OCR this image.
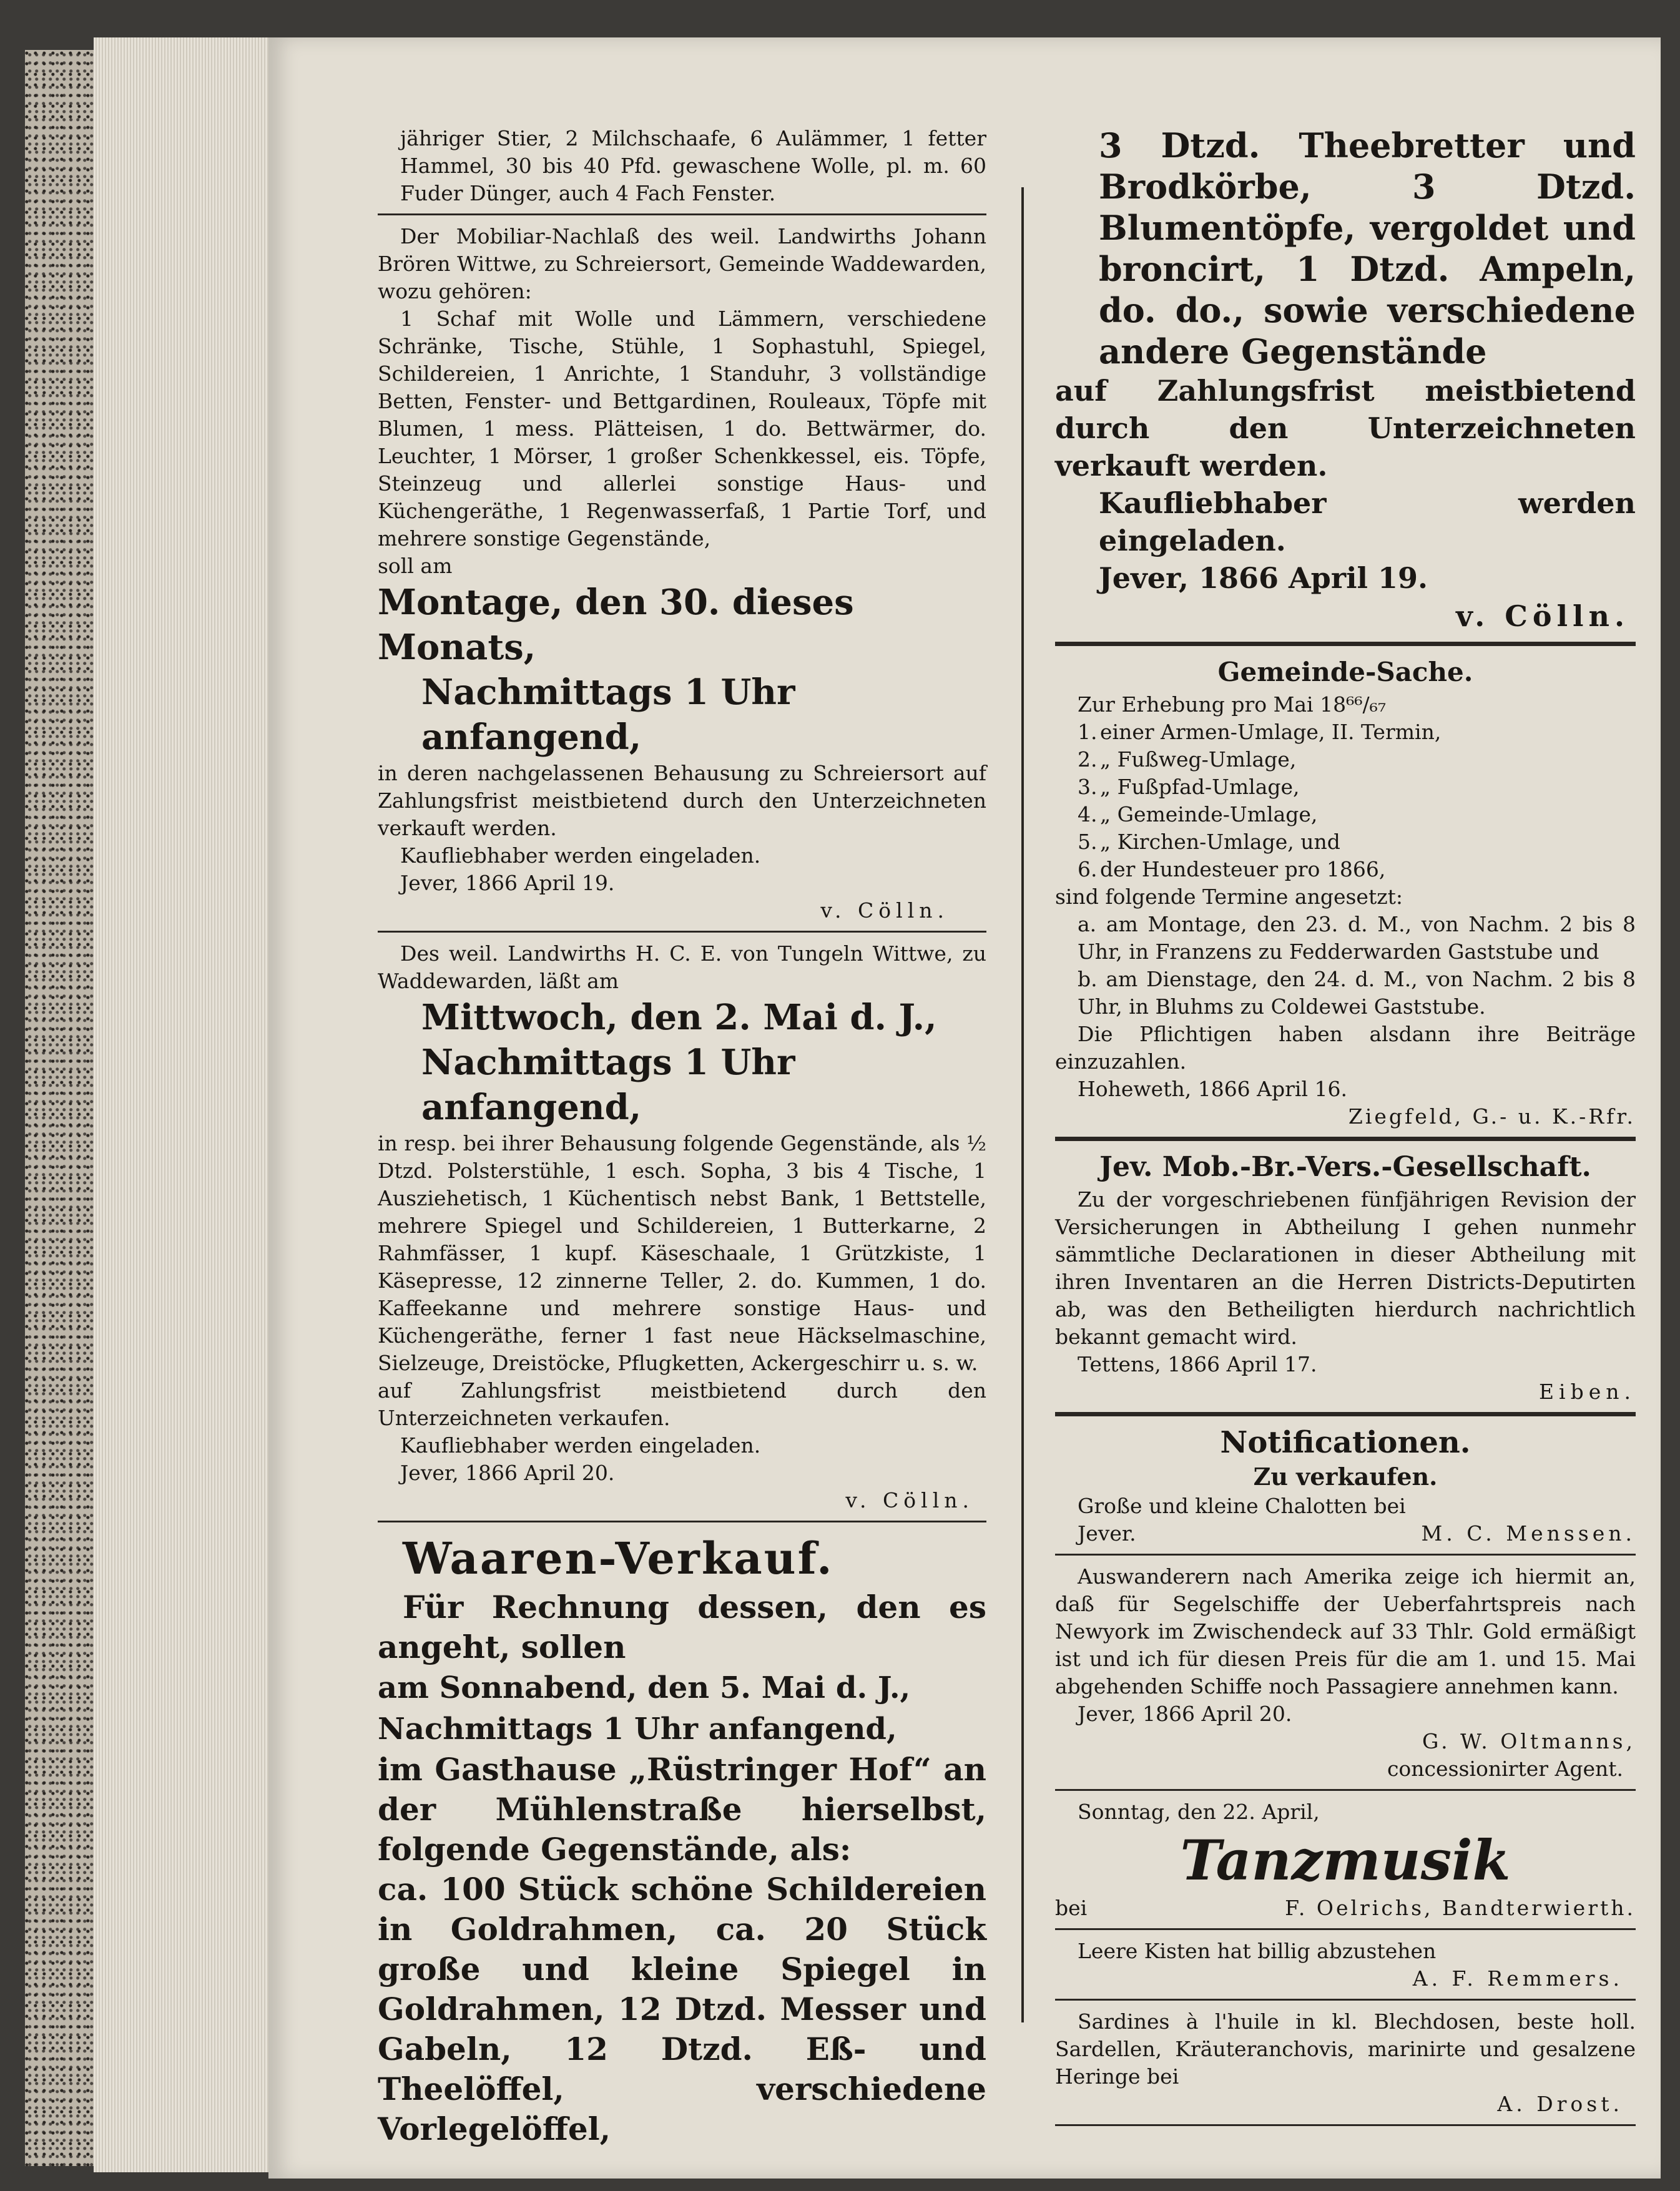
jähriger Stier, 2 Milchschaafe, 6 Aulämmer, 1 fetter Hammel, 30 bis 40 Pfd. gewaschene Wolle, pl. m. 60 Fuder Dünger, auch 4 Fach Fenster.

Der Mobiliar-Nachlaß des weil. Landwirths Johann Brören Wittwe, zu Schreiersort, Gemeinde Waddewarden, wozu gehören:

1 Schaf mit Wolle und Lämmern, verschiedene Schränke, Tische, Stühle, 1 Sophastuhl, Spiegel, Schildereien, 1 Anrichte, 1 Standuhr, 3 vollständige Betten, Fenster- und Bettgardinen, Rouleaux, Töpfe mit Blumen, 1 mess. Plätteisen, 1 do. Bettwärmer, do. Leuchter, 1 Mörser, 1 großer Schenkkessel, eis. Töpfe, Steinzeug und allerlei sonstige Haus- und Küchengeräthe, 1 Regenwasserfaß, 1 Partie Torf, und mehrere sonstige Gegenstände,

soll am

Montage, den 30. dieses Monats,

Nachmittags 1 Uhr anfangend,

in deren nachgelassenen Behausung zu Schreiersort auf Zahlungsfrist meistbietend durch den Unterzeichneten verkauft werden.

Kaufliebhaber werden eingeladen.

Jever, 1866 April 19.

v. Cölln.

Des weil. Landwirths H. C. E. von Tungeln Wittwe, zu Waddewarden, läßt am

Mittwoch, den 2. Mai d. J.,

Nachmittags 1 Uhr anfangend,

in resp. bei ihrer Behausung folgende Gegenstände, als ½ Dtzd. Polsterstühle, 1 esch. Sopha, 3 bis 4 Tische, 1 Ausziehetisch, 1 Küchentisch nebst Bank, 1 Bettstelle, mehrere Spiegel und Schildereien, 1 Butterkarne, 2 Rahmfässer, 1 kupf. Käseschaale, 1 Grützkiste, 1 Käsepresse, 12 zinnerne Teller, 2. do. Kummen, 1 do. Kaffeekanne und mehrere sonstige Haus- und Küchengeräthe, ferner 1 fast neue Häckselmaschine, Sielzeuge, Dreistöcke, Pflugketten, Ackergeschirr u. s. w.

auf Zahlungsfrist meistbietend durch den Unterzeichneten verkaufen.

Kaufliebhaber werden eingeladen.

Jever, 1866 April 20.

v. Cölln.

Waaren-Verkauf.

Für Rechnung dessen, den es angeht, sollen

am Sonnabend, den 5. Mai d. J.,

Nachmittags 1 Uhr anfangend,

im Gasthause „Rüstringer Hof“ an der Mühlenstraße hierselbst, folgende Gegenstände, als:

ca. 100 Stück schöne Schildereien in Goldrahmen, ca. 20 Stück große und kleine Spiegel in Goldrahmen, 12 Dtzd. Messer und Gabeln, 12 Dtzd. Eß- und Theelöffel, verschiedene Vorlegelöffel,

3 Dtzd. Theebretter und Brodkörbe, 3 Dtzd. Blumentöpfe, vergoldet und broncirt, 1 Dtzd. Ampeln, do. do., sowie verschiedene andere Gegenstände

auf Zahlungsfrist meistbietend durch den Unterzeichneten verkauft werden.

Kaufliebhaber werden eingeladen.

Jever, 1866 April 19.

v. Cölln.

Gemeinde-Sache.

Zur Erhebung pro Mai 18⁶⁶/₆₇

1. einer Armen-Umlage, II. Termin,
2. „ Fußweg-Umlage,
3. „ Fußpfad-Umlage,
4. „ Gemeinde-Umlage,
5. „ Kirchen-Umlage, und
6. der Hundesteuer pro 1866,

sind folgende Termine angesetzt:

a. am Montage, den 23. d. M., von Nachm. 2 bis 8 Uhr, in Franzens zu Fedderwarden Gaststube und

b. am Dienstage, den 24. d. M., von Nachm. 2 bis 8 Uhr, in Bluhms zu Coldewei Gaststube.

Die Pflichtigen haben alsdann ihre Beiträge einzuzahlen.

Hoheweth, 1866 April 16.

Ziegfeld, G.- u. K.-Rfr.

Jev. Mob.-Br.-Vers.-Gesellschaft.

Zu der vorgeschriebenen fünfjährigen Revision der Versicherungen in Abtheilung I gehen nunmehr sämmtliche Declarationen in dieser Abtheilung mit ihren Inventaren an die Herren Districts-Deputirten ab, was den Betheiligten hierdurch nachrichtlich bekannt gemacht wird.

Tettens, 1866 April 17.

Eiben.

Notificationen.

Zu verkaufen.

Große und kleine Chalotten bei

Jever.	M. C. Menssen.

Auswanderern nach Amerika zeige ich hiermit an, daß für Segelschiffe der Ueberfahrtspreis nach Newyork im Zwischendeck auf 33 Thlr. Gold ermäßigt ist und ich für diesen Preis für die am 1. und 15. Mai abgehenden Schiffe noch Passagiere annehmen kann.

Jever, 1866 April 20.

G. W. Oltmanns,

concessionirter Agent.

Sonntag, den 22. April,

Tanzmusik

bei	F. Oelrichs, Bandterwierth.

Leere Kisten hat billig abzustehen

A. F. Remmers.

Sardines à l'huile in kl. Blechdosen, beste holl. Sardellen, Kräuteranchovis, marinirte und gesalzene Heringe bei

A. Drost.
